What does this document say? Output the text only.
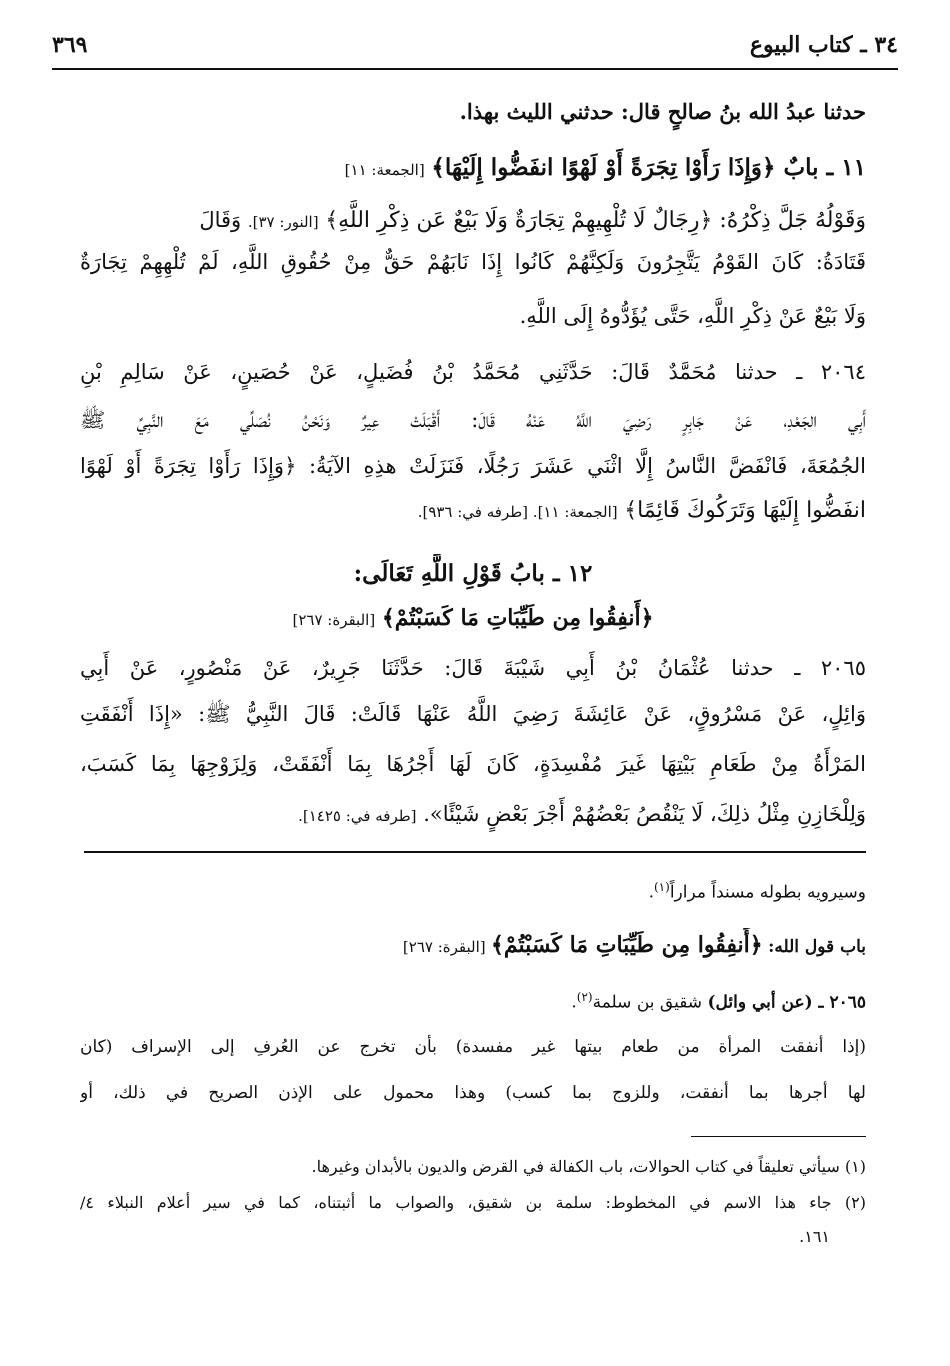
٣٤ ـ كتاب البيوع
٣٦٩
حدثنا عبدُ الله بنُ صالحٍ قال: حدثني الليث بهذا.
١١ ـ بابٌ ﴿وَإِذَا رَأَوْا تِجَرَةً أَوْ لَهْوًا انفَضُّوا إِلَيْهَا﴾ [الجمعة: ١١]
وَقَوْلُهُ جَلَّ ذِكْرُهُ: ﴿رِجَالٌ لَا تُلْهِيهِمْ تِجَارَةٌ وَلَا بَيْعٌ عَن ذِكْرِ اللَّهِ﴾ [النور: ٣٧]. وَقَالَ
قَتَادَةُ: كَانَ القَوْمُ يَتَّجِرُونَ وَلَكِنَّهُمْ كَانُوا إِذَا نَابَهُمْ حَقٌّ مِنْ حُقُوقِ اللَّهِ، لَمْ تُلْهِهِمْ تِجَارَةٌ
وَلَا بَيْعٌ عَنْ ذِكْرِ اللَّهِ، حَتَّى يُؤَدُّوهُ إِلَى اللَّهِ.
٢٠٦٤ ـ حدثنا مُحَمَّدٌ قَالَ: حَدَّثَنِي مُحَمَّدُ بْنُ فُضَيلٍ، عَنْ حُصَينٍ، عَنْ سَالِمِ بْنِ
أَبِي الجَعْدِ، عَنْ جَابِرٍ رَضِيَ اللَّهُ عَنْهُ قَالَ: أَقْبَلَتْ عِيرٌ وَنَحْنُ نُصَلِّي مَعَ النَّبِيِّ ﷺ
الجُمُعَةَ، فَانْفَضَّ النَّاسُ إِلَّا اثْنَي عَشَرَ رَجُلًا، فَنَزَلَتْ هذِهِ الآيَةُ: ﴿وَإِذَا رَأَوْا تِجَرَةً أَوْ لَهْوًا
انفَضُّوا إِلَيْهَا وَتَرَكُوكَ قَائِمًا﴾ [الجمعة: ١١]. [طرفه في: ٩٣٦].
١٢ ـ بابُ قَوْلِ اللَّهِ تَعَالَى:
﴿أَنفِقُوا مِن طَيِّبَاتِ مَا كَسَبْتُمْ﴾ [البقرة: ٢٦٧]
٢٠٦٥ ـ حدثنا عُثْمَانُ بْنُ أَبِي شَيْبَةَ قَالَ: حَدَّثَنَا جَرِيرٌ، عَنْ مَنْصُورٍ، عَنْ أَبِي
وَائِلٍ، عَنْ مَسْرُوقٍ، عَنْ عَائِشَةَ رَضِيَ اللَّهُ عَنْهَا قَالَتْ: قَالَ النَّبِيُّ ﷺ: «إِذَا أَنْفَقَتِ
المَرْأَةُ مِنْ طَعَامِ بَيْتِهَا غَيرَ مُفْسِدَةٍ، كَانَ لَهَا أَجْرُهَا بِمَا أَنْفَقَتْ، وَلِزَوْجِهَا بِمَا كَسَبَ،
وَلِلْخَازِنِ مِثْلُ ذلِكَ، لَا يَنْقُصُ بَعْضُهُمْ أَجْرَ بَعْضٍ شَيْئًا». [طرفه في: ١٤٢٥].
وسيرويه بطوله مسنداً مراراً$^{(١)}$.
باب قول الله: ﴿أَنفِقُوا مِن طَيِّبَاتِ مَا كَسَبْتُمْ﴾ [البقرة: ٢٦٧]
٢٠٦٥ ـ (عن أبي وائل) شقيق بن سلمة$^{(٢)}$.
(إذا أنفقت المرأة من طعام بيتها غير مفسدة) بأن تخرج عن العُرفِ إلى الإسراف (كان
لها أجرها بما أنفقت، وللزوج بما كسب) وهذا محمول على الإذن الصريح في ذلك، أو
(١) سيأتي تعليقاً في كتاب الحوالات، باب الكفالة في القرض والديون بالأبدان وغيرها.
(٢) جاء هذا الاسم في المخطوط: سلمة بن شقيق، والصواب ما أثبتناه، كما في سير أعلام النبلاء ٤/
١٦١.
